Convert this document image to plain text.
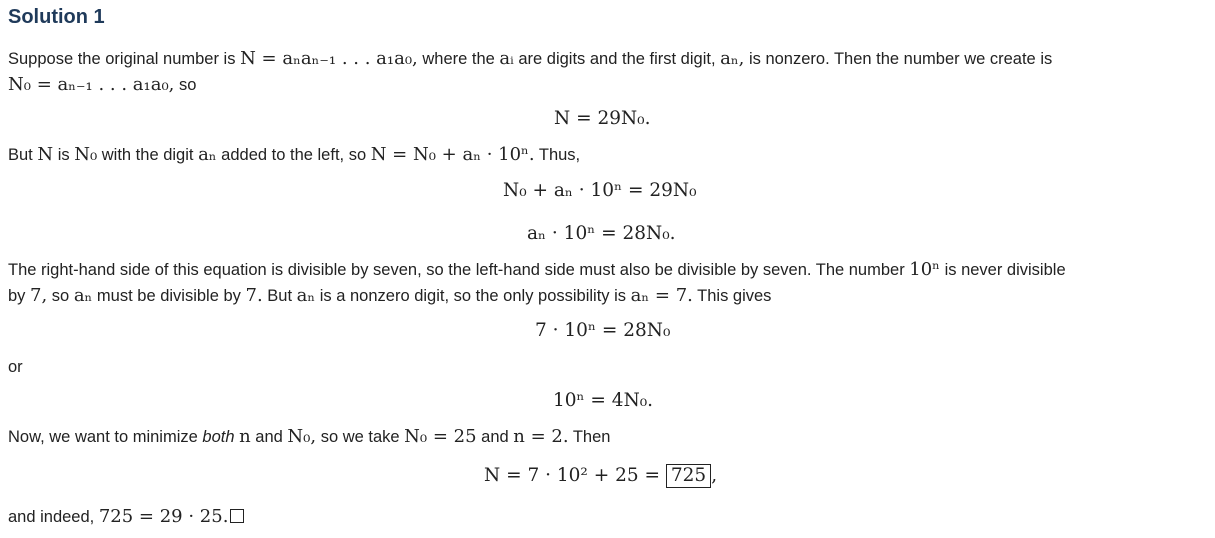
Solution 1
Suppose the original number is N = aₙaₙ₋₁ . . . a₁a₀, where the aᵢ are digits and the first digit, aₙ, is nonzero. Then the number we create is
N₀ = aₙ₋₁ . . . a₁a₀, so
N = 29N₀.
But N is N₀ with the digit aₙ added to the left, so N = N₀ + aₙ · 10ⁿ. Thus,
N₀ + aₙ · 10ⁿ = 29N₀
aₙ · 10ⁿ = 28N₀.
The right-hand side of this equation is divisible by seven, so the left-hand side must also be divisible by seven. The number 10ⁿ is never divisible
by 7, so aₙ must be divisible by 7. But aₙ is a nonzero digit, so the only possibility is aₙ = 7. This gives
7 · 10ⁿ = 28N₀
or
10ⁿ = 4N₀.
Now, we want to minimize both n and N₀, so we take N₀ = 25 and n = 2. Then
N = 7 · 10² + 25 = 725 ,
and indeed, 725 = 29 · 25.
